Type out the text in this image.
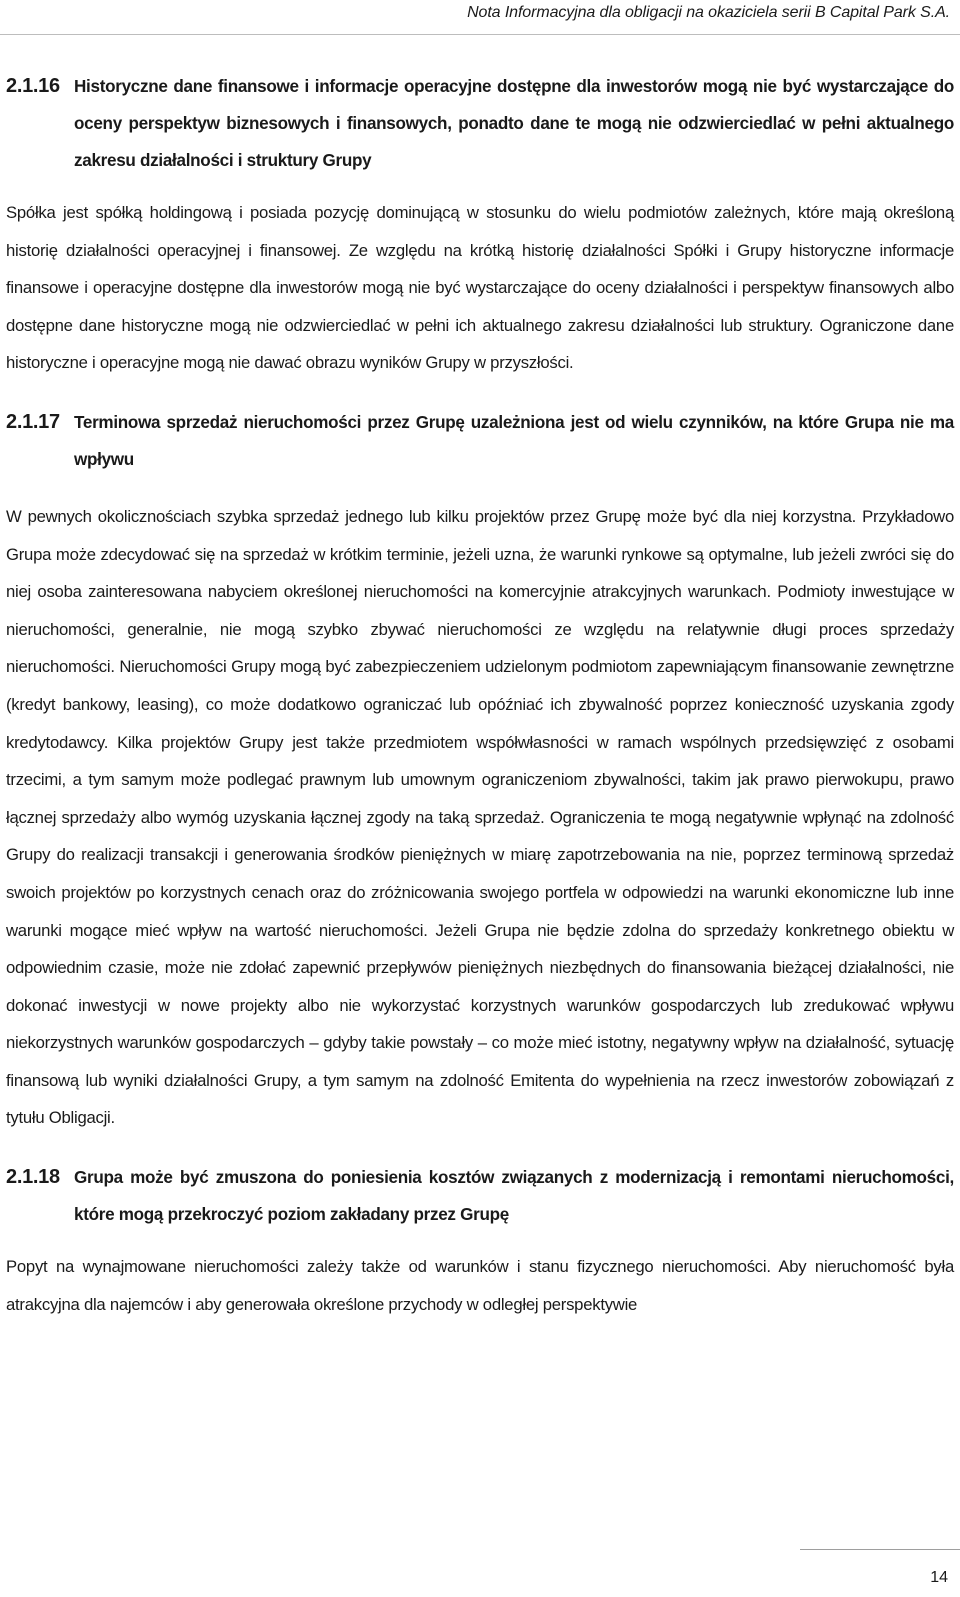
Nota Informacyjna dla obligacji na okaziciela serii B Capital Park S.A.
2.1.16 Historyczne dane finansowe i informacje operacyjne dostępne dla inwestorów mogą nie być wystarczające do oceny perspektyw biznesowych i finansowych, ponadto dane te mogą nie odzwierciedlać w pełni aktualnego zakresu działalności i struktury Grupy

Spółka jest spółką holdingową i posiada pozycję dominującą w stosunku do wielu podmiotów zależnych, które mają określoną historię działalności operacyjnej i finansowej. Ze względu na krótką historię działalności Spółki i Grupy historyczne informacje finansowe i operacyjne dostępne dla inwestorów mogą nie być wystarczające do oceny działalności i perspektyw finansowych albo dostępne dane historyczne mogą nie odzwierciedlać w pełni ich aktualnego zakresu działalności lub struktury. Ograniczone dane historyczne i operacyjne mogą nie dawać obrazu wyników Grupy w przyszłości.

2.1.17 Terminowa sprzedaż nieruchomości przez Grupę uzależniona jest od wielu czynników, na które Grupa nie ma wpływu

W pewnych okolicznościach szybka sprzedaż jednego lub kilku projektów przez Grupę może być dla niej korzystna. Przykładowo Grupa może zdecydować się na sprzedaż w krótkim terminie, jeżeli uzna, że warunki rynkowe są optymalne, lub jeżeli zwróci się do niej osoba zainteresowana nabyciem określonej nieruchomości na komercyjnie atrakcyjnych warunkach. Podmioty inwestujące w nieruchomości, generalnie, nie mogą szybko zbywać nieruchomości ze względu na relatywnie długi proces sprzedaży nieruchomości. Nieruchomości Grupy mogą być zabezpieczeniem udzielonym podmiotom zapewniającym finansowanie zewnętrzne (kredyt bankowy, leasing), co może dodatkowo ograniczać lub opóźniać ich zbywalność poprzez konieczność uzyskania zgody kredytodawcy. Kilka projektów Grupy jest także przedmiotem współwłasności w ramach wspólnych przedsięwzięć z osobami trzecimi, a tym samym może podlegać prawnym lub umownym ograniczeniom zbywalności, takim jak prawo pierwokupu, prawo łącznej sprzedaży albo wymóg uzyskania łącznej zgody na taką sprzedaż. Ograniczenia te mogą negatywnie wpłynąć na zdolność Grupy do realizacji transakcji i generowania środków pieniężnych w miarę zapotrzebowania na nie, poprzez terminową sprzedaż swoich projektów po korzystnych cenach oraz do zróżnicowania swojego portfela w odpowiedzi na warunki ekonomiczne lub inne warunki mogące mieć wpływ na wartość nieruchomości. Jeżeli Grupa nie będzie zdolna do sprzedaży konkretnego obiektu w odpowiednim czasie, może nie zdołać zapewnić przepływów pieniężnych niezbędnych do finansowania bieżącej działalności, nie dokonać inwestycji w nowe projekty albo nie wykorzystać korzystnych warunków gospodarczych lub zredukować wpływu niekorzystnych warunków gospodarczych – gdyby takie powstały – co może mieć istotny, negatywny wpływ na działalność, sytuację finansową lub wyniki działalności Grupy, a tym samym na zdolność Emitenta do wypełnienia na rzecz inwestorów zobowiązań z tytułu Obligacji.

2.1.18 Grupa może być zmuszona do poniesienia kosztów związanych z modernizacją i remontami nieruchomości, które mogą przekroczyć poziom zakładany przez Grupę

Popyt na wynajmowane nieruchomości zależy także od warunków i stanu fizycznego nieruchomości. Aby nieruchomość była atrakcyjna dla najemców i aby generowała określone przychody w odległej perspektywie

14
